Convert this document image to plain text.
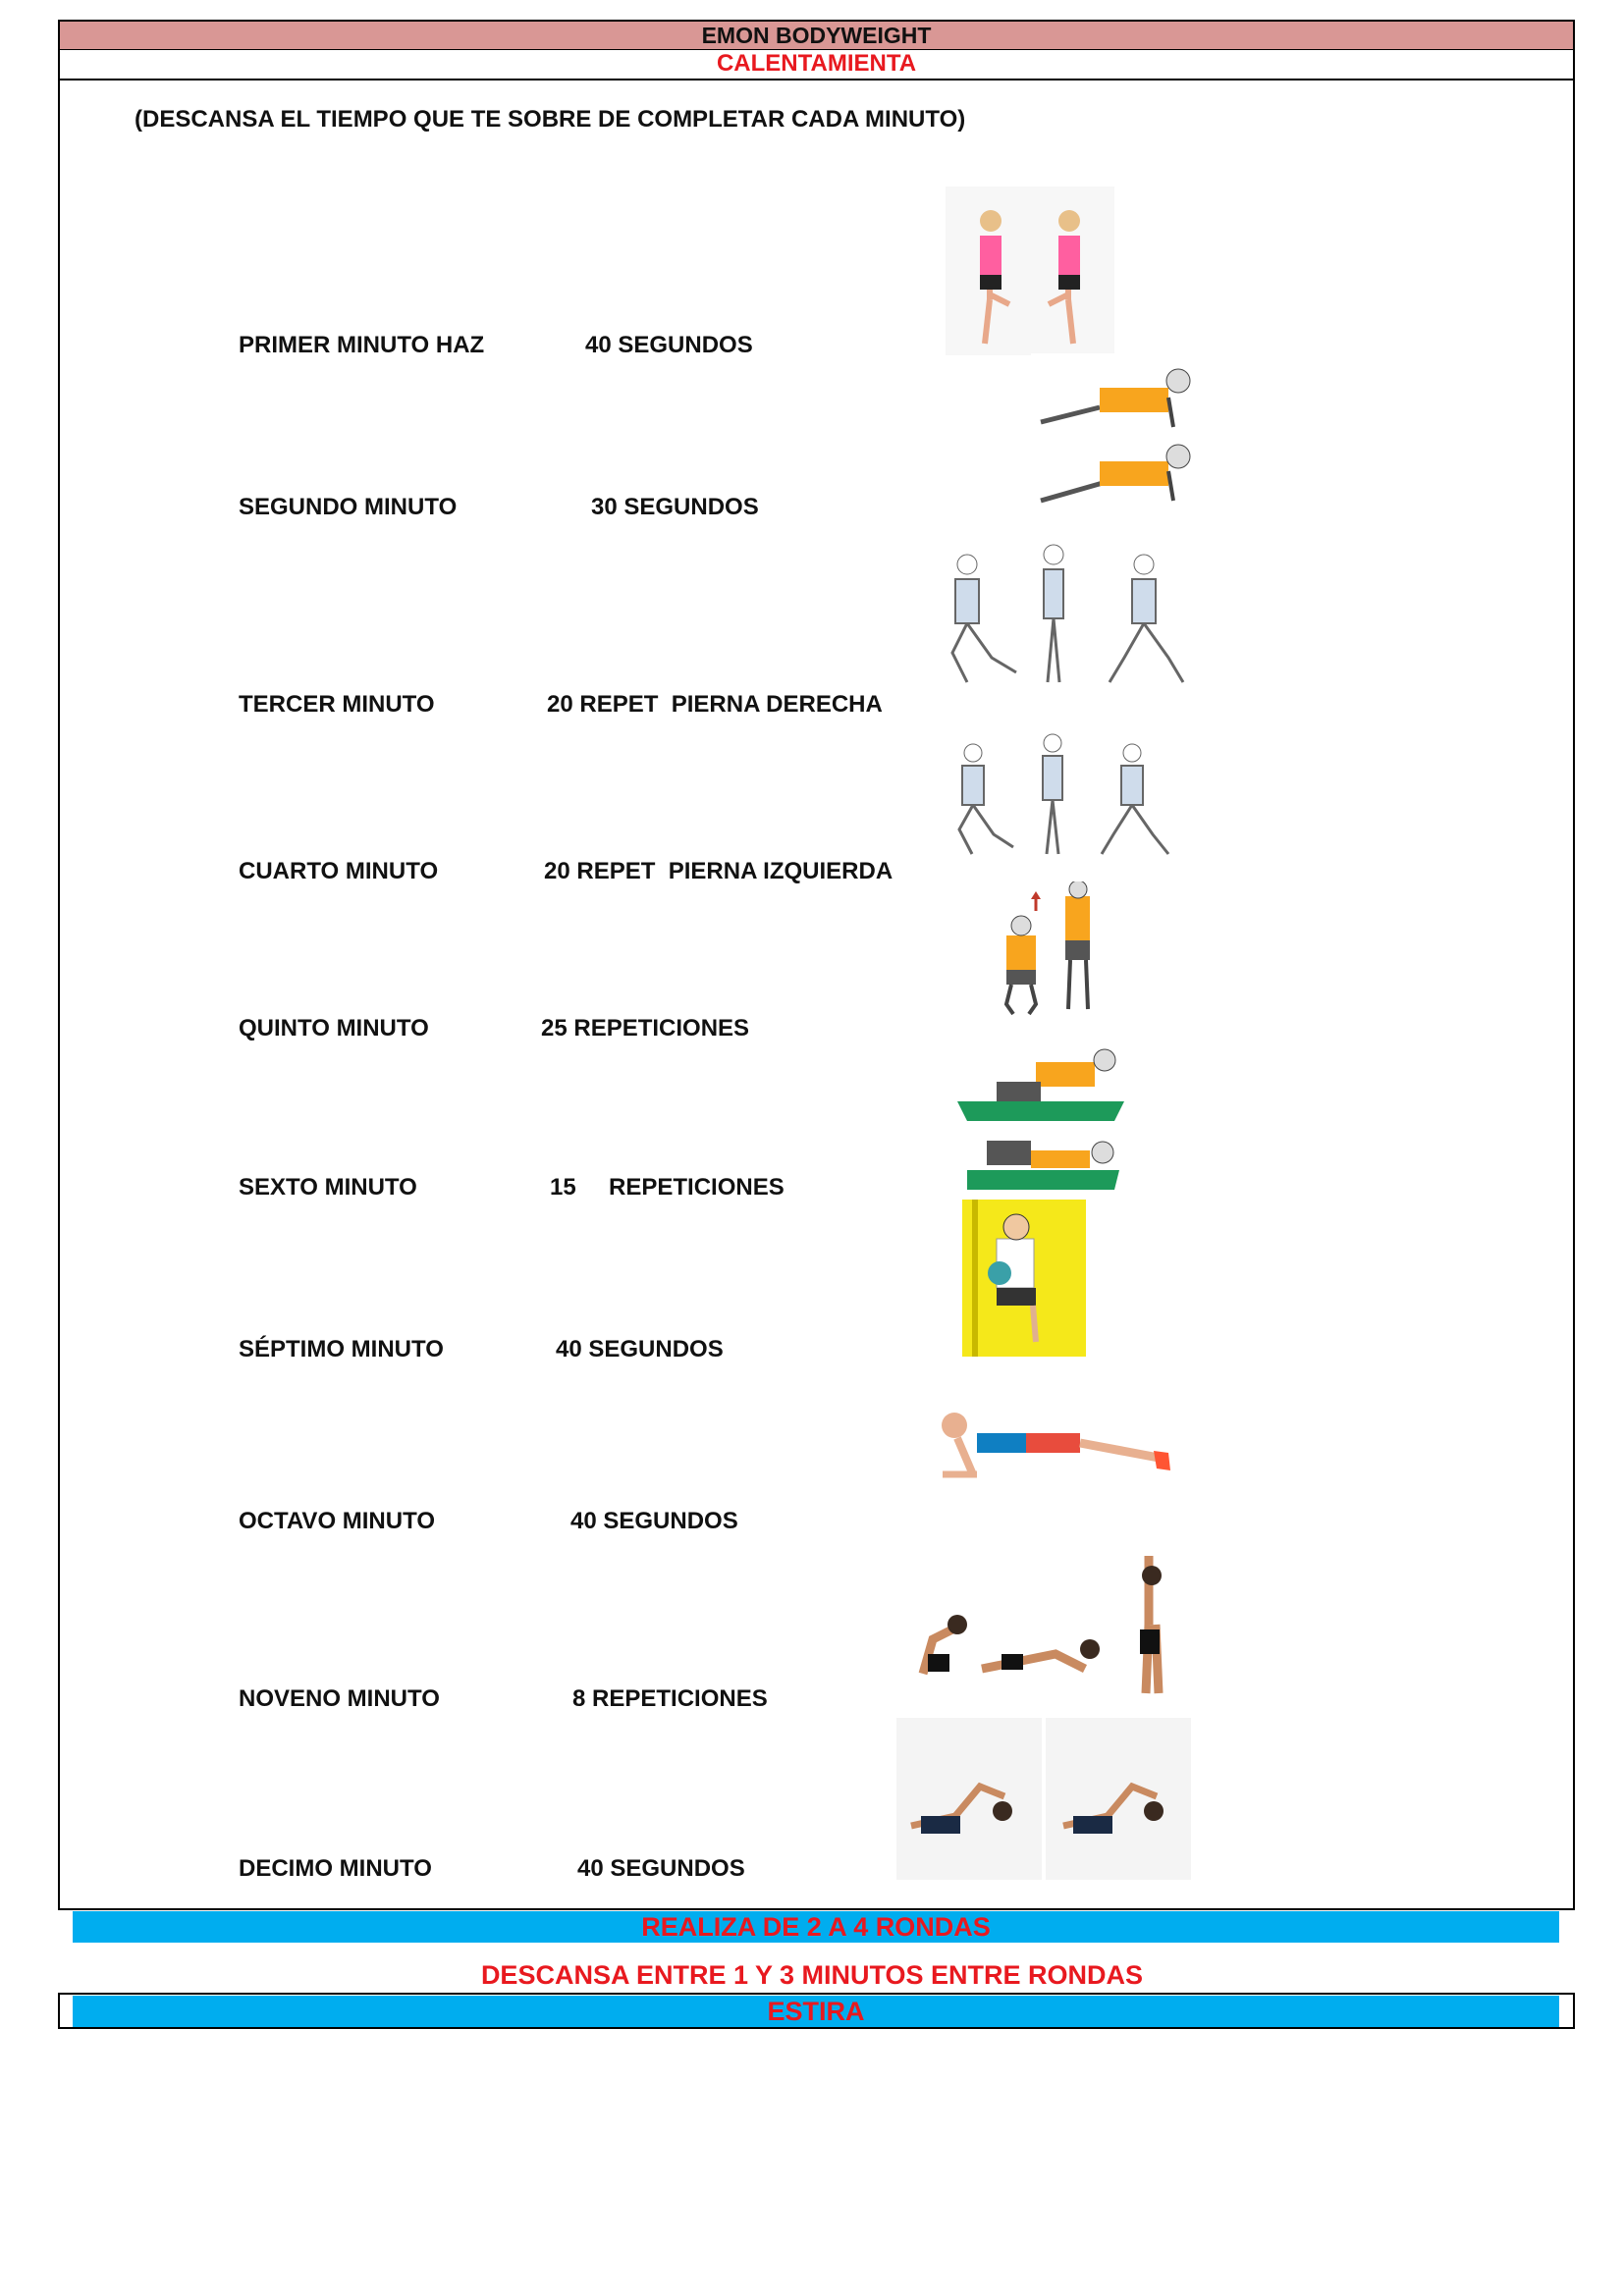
EMON BODYWEIGHT
CALENTAMIENTA
(DESCANSA EL TIEMPO QUE TE SOBRE DE COMPLETAR CADA MINUTO)
PRIMER MINUTO HAZ	40 SEGUNDOS
SEGUNDO MINUTO	30 SEGUNDOS
TERCER MINUTO	20 REPET  PIERNA DERECHA
CUARTO MINUTO	20 REPET  PIERNA IZQUIERDA
QUINTO MINUTO	25 REPETICIONES
SEXTO MINUTO	15     REPETICIONES
SÉPTIMO MINUTO	40 SEGUNDOS
OCTAVO MINUTO	40 SEGUNDOS
NOVENO MINUTO	8 REPETICIONES
DECIMO MINUTO	40 SEGUNDOS
REALIZA DE 2 A 4 RONDAS
DESCANSA ENTRE 1 Y 3 MINUTOS ENTRE RONDAS
ESTIRA
